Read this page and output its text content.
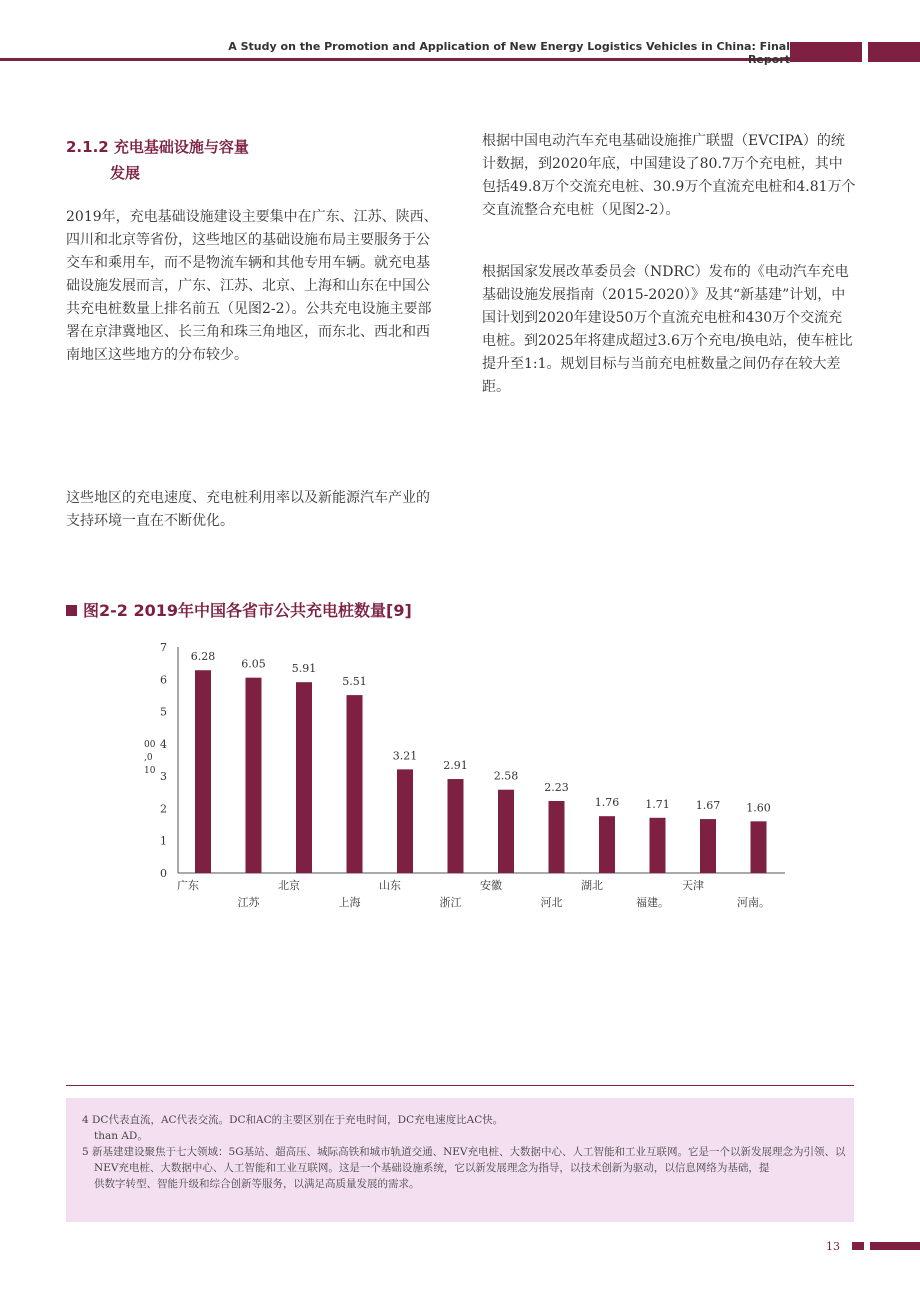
A Study on the Promotion and Application of New Energy Logistics Vehicles in China: Final Report
2.1.2 充电基础设施与容量
发展
2019年，充电基础设施建设主要集中在广东、江苏、陕西、四川和北京等省份，这些地区的基础设施布局主要服务于公交车和乘用车，而不是物流车辆和其他专用车辆。就充电基础设施发展而言，广东、江苏、北京、上海和山东在中国公共充电桩数量上排名前五（见图2-2）。公共充电设施主要部署在京津冀地区、长三角和珠三角地区，而东北、西北和西南地区这些地方的分布较少。
这些地区的充电速度、充电桩利用率以及新能源汽车产业的支持环境一直在不断优化。
根据中国电动汽车充电基础设施推广联盟（EVCIPA）的统计数据，到2020年底，中国建设了80.7万个充电桩，其中包括49.8万个交流充电桩、30.9万个直流充电桩和4.81万个交直流整合充电桩（见图2-2）。
根据国家发展改革委员会（NDRC）发布的《电动汽车充电基础设施发展指南（2015-2020）》及其“新基建”计划，中国计划到2020年建设50万个直流充电桩和430万个交流充电桩。到2025年将建成超过3.6万个充电/换电站，使车桩比提升至1:1。规划目标与当前充电桩数量之间仍存在较大差距。
图2-2 2019年中国各省市公共充电桩数量[9]
0
1
2
3
4
5
6
7
00
,0
10
6.28
广东
6.05
江苏
5.91
北京
5.51
上海
3.21
山东
2.91
浙江
2.58
安徽
2.23
河北
1.76
湖北
1.71
福建。
1.67
天津
1.60
河南。
4 DC代表直流，AC代表交流。DC和AC的主要区别在于充电时间，DC充电速度比AC快。
than AD。
5 新基建建设聚焦于七大领域：5G基站、超高压、城际高铁和城市轨道交通、NEV充电桩、大数据中心、人工智能和工业互联网。它是一个以新发展理念为引领、以
NEV充电桩、大数据中心、人工智能和工业互联网。这是一个基础设施系统，它以新发展理念为指导，以技术创新为驱动，以信息网络为基础，提
供数字转型、智能升级和综合创新等服务，以满足高质量发展的需求。
13
